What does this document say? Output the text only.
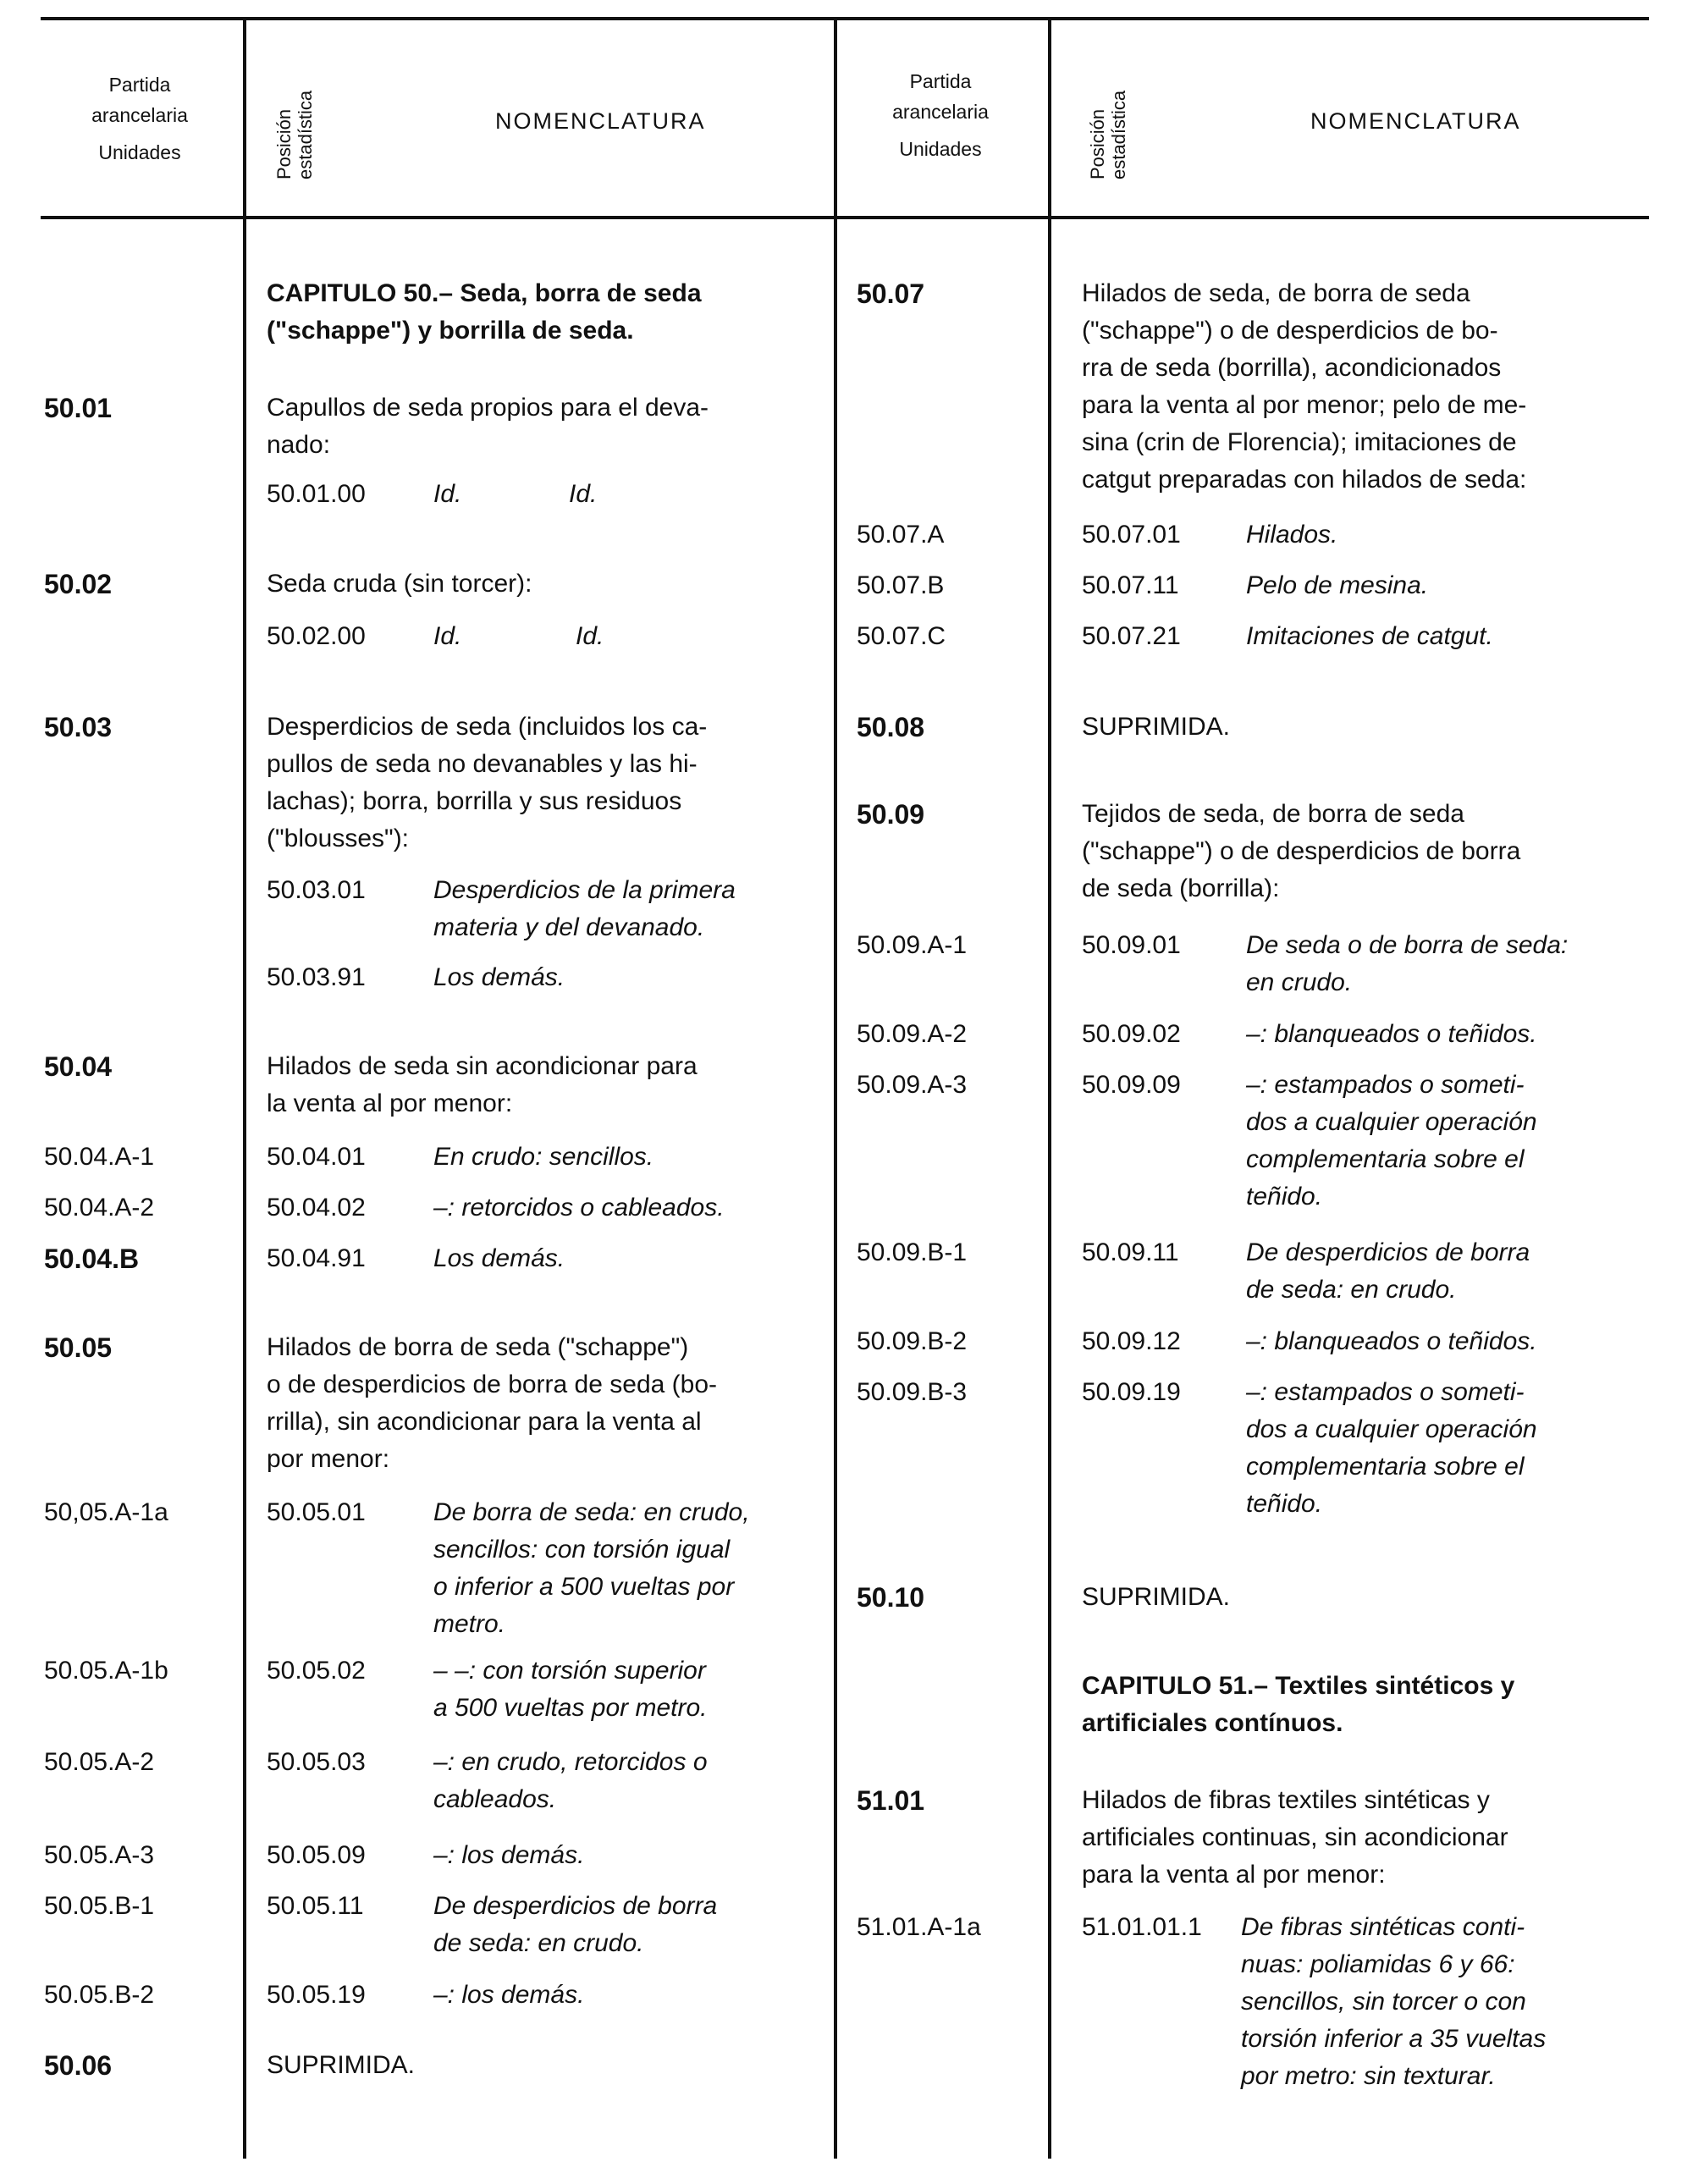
Partida
arancelaria
Unidades	Posición estadística	NOMENCLATURA
Partida
arancelaria
Unidades	Posición estadística	NOMENCLATURA
CAPITULO 50.– Seda, borra de seda
("schappe") y borrilla de seda.
50.01	Capullos de seda propios para el deva-
nado:
50.01.00	Id.	Id.
50.02	Seda cruda (sin torcer):
50.02.00	Id.	Id.
50.03	Desperdicios de seda (incluidos los ca-
pullos de seda no devanables y las hi-
lachas); borra, borrilla y sus residuos
("blousses"):
50.03.01	Desperdicios de la primera
materia y del devanado.
50.03.91	Los demás.
50.04	Hilados de seda sin acondicionar para
la venta al por menor:
50.04.A-1	50.04.01	En crudo: sencillos.
50.04.A-2	50.04.02	–: retorcidos o cableados.
50.04.B	50.04.91	Los demás.
50.05	Hilados de borra de seda ("schappe")
o de desperdicios de borra de seda (bo-
rrilla), sin acondicionar para la venta al
por menor:
50,05.A-1a	50.05.01	De borra de seda: en crudo,
sencillos: con torsión igual
o inferior a 500 vueltas por
metro.
50.05.A-1b	50.05.02	– –: con torsión superior
a 500 vueltas por metro.
50.05.A-2	50.05.03	–: en crudo, retorcidos o
cableados.
50.05.A-3	50.05.09	–: los demás.
50.05.B-1	50.05.11	De desperdicios de borra
de seda: en crudo.
50.05.B-2	50.05.19	–: los demás.
50.06	SUPRIMIDA.
50.07	Hilados de seda, de borra de seda
("schappe") o de desperdicios de bo-
rra de seda (borrilla), acondicionados
para la venta al por menor; pelo de me-
sina (crin de Florencia); imitaciones de
catgut preparadas con hilados de seda:
50.07.A	50.07.01	Hilados.
50.07.B	50.07.11	Pelo de mesina.
50.07.C	50.07.21	Imitaciones de catgut.
50.08	SUPRIMIDA.
50.09	Tejidos de seda, de borra de seda
("schappe") o de desperdicios de borra
de seda (borrilla):
50.09.A-1	50.09.01	De seda o de borra de seda:
en crudo.
50.09.A-2	50.09.02	–: blanqueados o teñidos.
50.09.A-3	50.09.09	–: estampados o someti-
dos a cualquier operación
complementaria sobre el
teñido.
50.09.B-1	50.09.11	De desperdicios de borra
de seda: en crudo.
50.09.B-2	50.09.12	–: blanqueados o teñidos.
50.09.B-3	50.09.19	–: estampados o someti-
dos a cualquier operación
complementaria sobre el
teñido.
50.10	SUPRIMIDA.
CAPITULO 51.– Textiles sintéticos y
artificiales contínuos.
51.01	Hilados de fibras textiles sintéticas y
artificiales continuas, sin acondicionar
para la venta al por menor:
51.01.A-1a	51.01.01.1 De fibras sintéticas conti-
nuas: poliamidas 6 y 66:
sencillos, sin torcer o con
torsión inferior a 35 vueltas
por metro: sin texturar.
